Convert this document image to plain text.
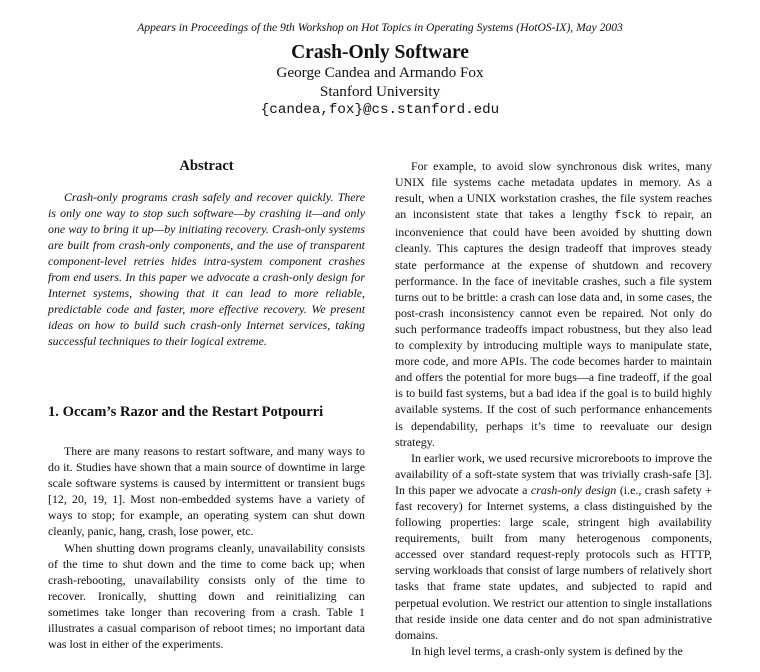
Appears in Proceedings of the 9th Workshop on Hot Topics in Operating Systems (HotOS-IX), May 2003
Crash-Only Software
George Candea and Armando Fox
Stanford University
{candea,fox}@cs.stanford.edu
Abstract

Crash-only programs crash safely and recover quickly. There is only one way to stop such software—by crashing it—and only one way to bring it up—by initiating recovery. Crash-only systems are built from crash-only components, and the use of transparent component-level retries hides intra-system component crashes from end users. In this paper we advocate a crash-only design for Internet systems, showing that it can lead to more reliable, predictable code and faster, more effective recovery. We present ideas on how to build such crash-only Internet services, taking successful techniques to their logical extreme.

1. Occam’s Razor and the Restart Potpourri

There are many reasons to restart software, and many ways to do it. Studies have shown that a main source of downtime in large scale software systems is caused by intermittent or transient bugs [12, 20, 19, 1]. Most non-embedded systems have a variety of ways to stop; for example, an operating system can shut down cleanly, panic, hang, crash, lose power, etc.

When shutting down programs cleanly, unavailability consists of the time to shut down and the time to come back up; when crash-rebooting, unavailability consists only of the time to recover. Ironically, shutting down and reinitializing can sometimes take longer than recovering from a crash. Table 1 illustrates a casual comparison of reboot times; no important data was lost in either of the experiments.

For example, to avoid slow synchronous disk writes, many UNIX file systems cache metadata updates in memory. As a result, when a UNIX workstation crashes, the file system reaches an inconsistent state that takes a lengthy fsck to repair, an inconvenience that could have been avoided by shutting down cleanly. This captures the design tradeoff that improves steady state performance at the expense of shutdown and recovery performance. In the face of inevitable crashes, such a file system turns out to be brittle: a crash can lose data and, in some cases, the post-crash inconsistency cannot even be repaired. Not only do such performance tradeoffs impact robustness, but they also lead to complexity by introducing multiple ways to manipulate state, more code, and more APIs. The code becomes harder to maintain and offers the potential for more bugs—a fine tradeoff, if the goal is to build fast systems, but a bad idea if the goal is to build highly available systems. If the cost of such performance enhancements is dependability, perhaps it’s time to reevaluate our design strategy.

In earlier work, we used recursive microreboots to improve the availability of a soft-state system that was trivially crash-safe [3]. In this paper we advocate a crash-only design (i.e., crash safety + fast recovery) for Internet systems, a class distinguished by the following properties: large scale, stringent high availability requirements, built from many heterogenous components, accessed over standard request-reply protocols such as HTTP, serving workloads that consist of large numbers of relatively short tasks that frame state updates, and subjected to rapid and perpetual evolution. We restrict our attention to single installations that reside inside one data center and do not span administrative domains.

In high level terms, a crash-only system is defined by the
